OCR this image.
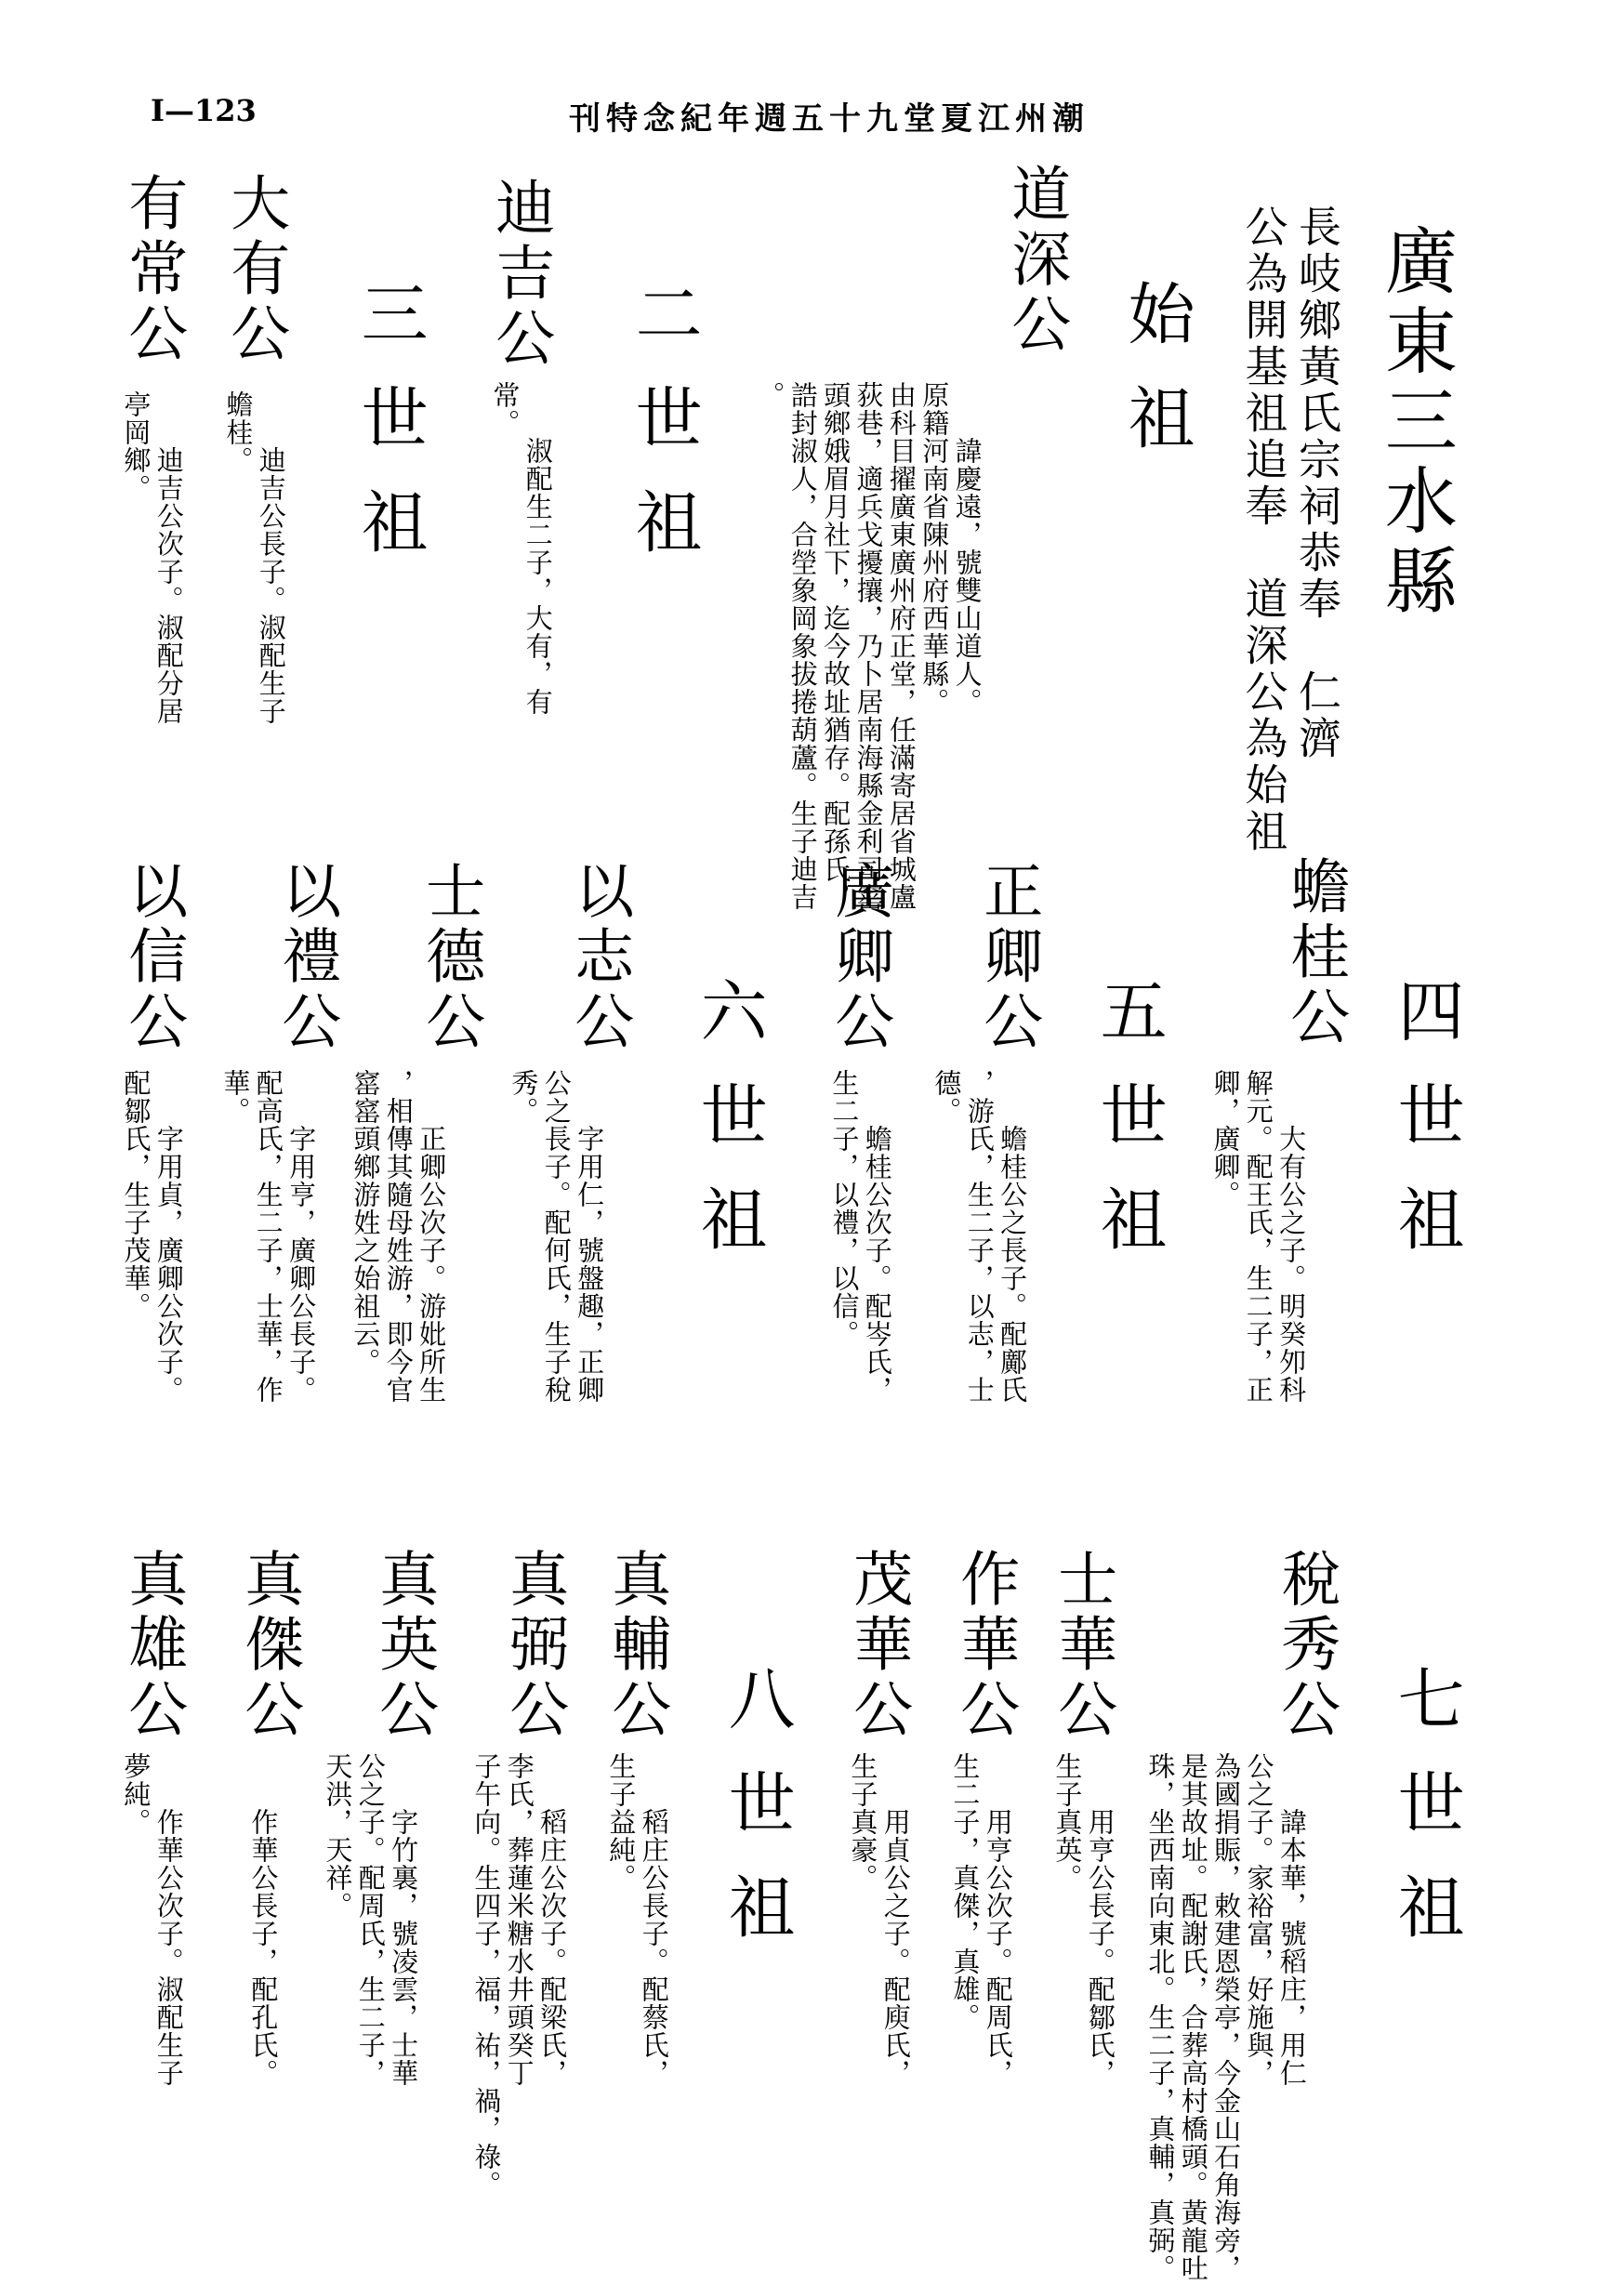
I—123	刊特念紀年週五十九堂夏江州潮
廣東三水縣
長岐鄉黃氏宗祠恭奉　仁濟
公為開基祖追奉　道深公為始祖
始祖
道深公
　　諱慶遠，號雙山道人。
原籍河南省陳州府西華縣。
由科目擢廣東廣州府正堂，任滿寄居省城盧
荻巷，適兵戈擾攘，乃卜居南海縣金利司窰
頭鄉娥眉月社下，迄今故址猶存。配孫氏，
誥封淑人，合塋象岡象拔捲葫蘆。生子迪吉
。
二世祖
迪吉公
　　淑配生二子，大有，有
常。
三世祖
大有公
　　迪吉公長子。淑配生子
蟾桂。
有常公
　　迪吉公次子。淑配分居
亭岡鄉。
四世祖
蟾桂公
　　大有公之子。明癸夘科
解元。配王氏，生二子，正
卿，廣卿。
五世祖
正卿公
　　蟾桂公之長子。配鄺氏
，游氏，生二子，以志，士
德。
廣卿公
　　蟾桂公次子。配岑氏，
生二子，以禮，以信。
六世祖
以志公
　　字用仁，號盤趣，正卿
公之長子。配何氏，生子稅
秀。
士德公
　　正卿公次子。游妣所生
，相傳其隨母姓游，即今官
窰窰頭鄉游姓之始祖云。
以禮公
　　字用亨，廣卿公長子。
配高氏，生二子，士華，作
華。
以信公
　　字用貞，廣卿公次子。
配鄒氏，生子茂華。
七世祖
稅秀公
　　諱本華，號稻庄，用仁
公之子。家裕富，好施與，
為國捐賑，敕建恩榮亭，今金山石角海旁，
是其故址。配謝氏，合葬高村橋頭。黃龍吐
珠，坐西南向東北。生二子，真輔，真弼。
士華公
　　用亨公長子。配鄒氏，
生子真英。
作華公
　　用亨公次子。配周氏，
生二子，真傑，真雄。
茂華公
　　用貞公之子。配庾氏，
生子真豪。
八世祖
真輔公
　　稻庄公長子。配蔡氏，
生子益純。
真弼公
　　稻庄公次子。配梁氏，
李氏，葬蓮米糖水井頭癸丁
子午向。生四子，福，祐，禍，祿。
真英公
　　字竹裏，號凌雲，士華
公之子。配周氏，生二子，
天洪，天祥。
真傑公
　　作華公長子，配孔氏。
真雄公
　　作華公次子。淑配生子
夢純。
